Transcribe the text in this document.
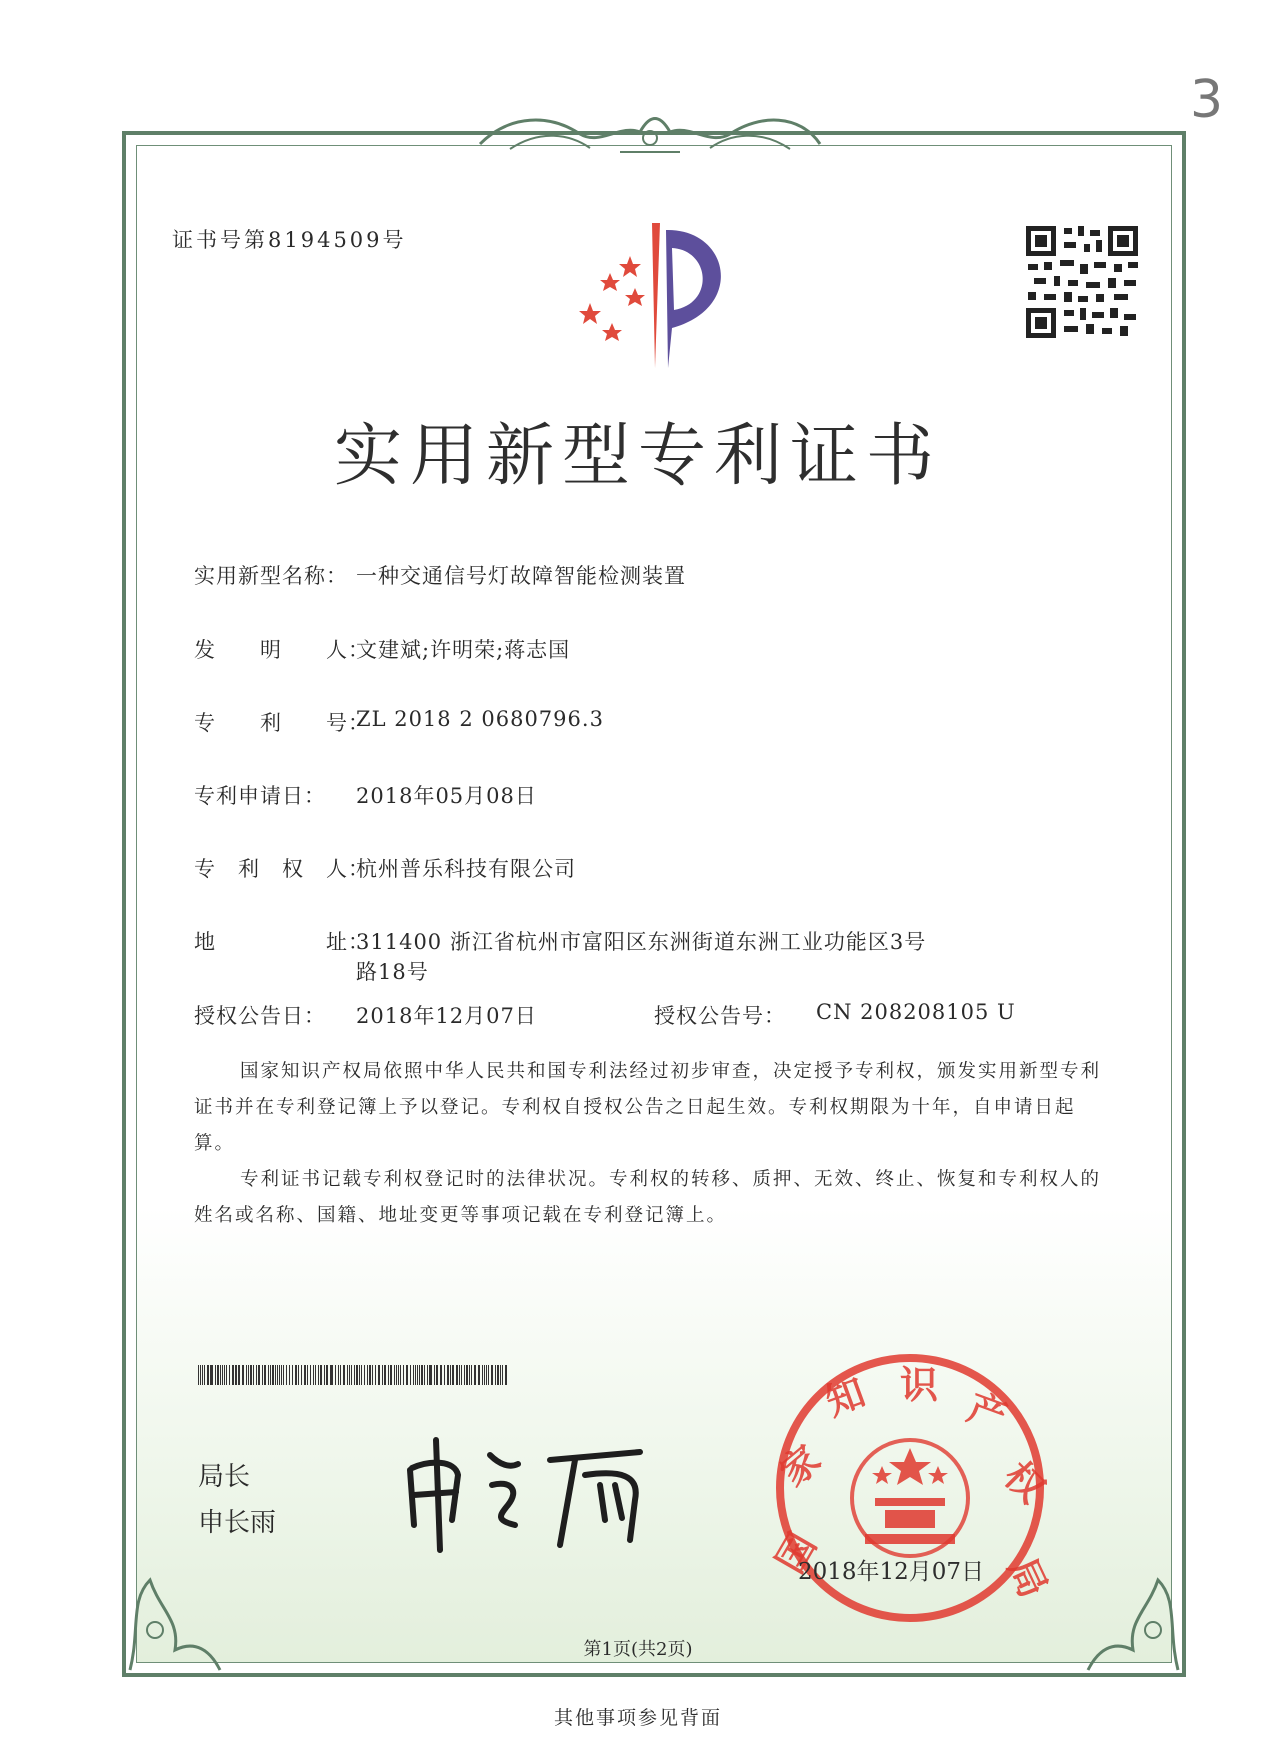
3
证书号第8194509号
实用新型专利证书
实用新型名称： 一种交通信号灯故障智能检测装置
发　　明　　人：文建斌;许明荣;蒋志国
专　　利　　号：ZL 2018 2 0680796.3
专利申请日： 2018年05月08日
专　利　权　人：杭州普乐科技有限公司
地　　　　　址：311400 浙江省杭州市富阳区东洲街道东洲工业功能区3号
路18号
授权公告日： 2018年12月07日	授权公告号： CN 208208105 U

国家知识产权局依照中华人民共和国专利法经过初步审查，决定授予专利权，颁发实用新型专利证书并在专利登记簿上予以登记。专利权自授权公告之日起生效。专利权期限为十年，自申请日起算。

专利证书记载专利权登记时的法律状况。专利权的转移、质押、无效、终止、恢复和专利权人的姓名或名称、国籍、地址变更等事项记载在专利登记簿上。

局长
申长雨
国
家
知 识
产
权
局
2018年12月07日
第1页(共2页)
其他事项参见背面
